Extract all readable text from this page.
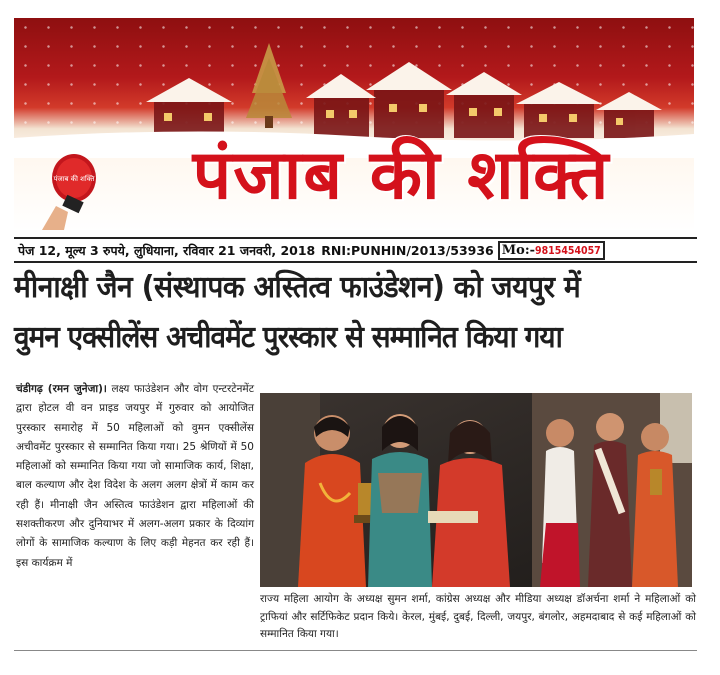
पंजाब की शक्ति	पंजाब की शक्ति
पेज 12, मूल्य 3 रुपये, लुधियाना, रविवार 21 जनवरी, 2018 RNI:PUNHIN/2013/53936 Mo:-9815454057
मीनाक्षी जैन (संस्थापक अस्तित्व फाउंडेशन) को जयपुर में
वुमन एक्सीलेंस अचीवमेंट पुरस्कार से सम्मानित किया गया
चंडीगढ़ (रमन जुनेजा)। लक्ष्य फाउंडेशन और वोग एन्टरटेनमेंट द्वारा होटल वी वन प्राइड जयपुर में गुरुवार को आयोजित पुरस्कार समारोह में 50 महिलाओं को वुमन एक्सीलेंस अचीवमेंट पुरस्कार से सम्मानित किया गया। 25 श्रेणियों में 50 महिलाओं को सम्मानित किया गया जो सामाजिक कार्य, शिक्षा, बाल कल्याण और देश विदेश के अलग अलग क्षेत्रों में काम कर रही हैं। मीनाक्षी जैन अस्तित्व फाउंडेशन द्वारा महिलाओं की सशक्तीकरण और दुनियाभर में अलग-अलग प्रकार के दिव्यांग लोगों के सामाजिक कल्याण के लिए कड़ी मेहनत कर रही हैं। इस कार्यक्रम में
राज्य महिला आयोग के अध्यक्ष सुमन शर्मा, कांग्रेस अध्यक्ष और मीडिया अध्यक्ष डॉअर्चना शर्मा ने महिलाओं को ट्राफियां और सर्टिफिकेट प्रदान किये। केरल, मुंबई, दुबई, दिल्ली, जयपुर, बंगलोर, अहमदाबाद से कई महिलाओं को सम्मानित किया गया।
